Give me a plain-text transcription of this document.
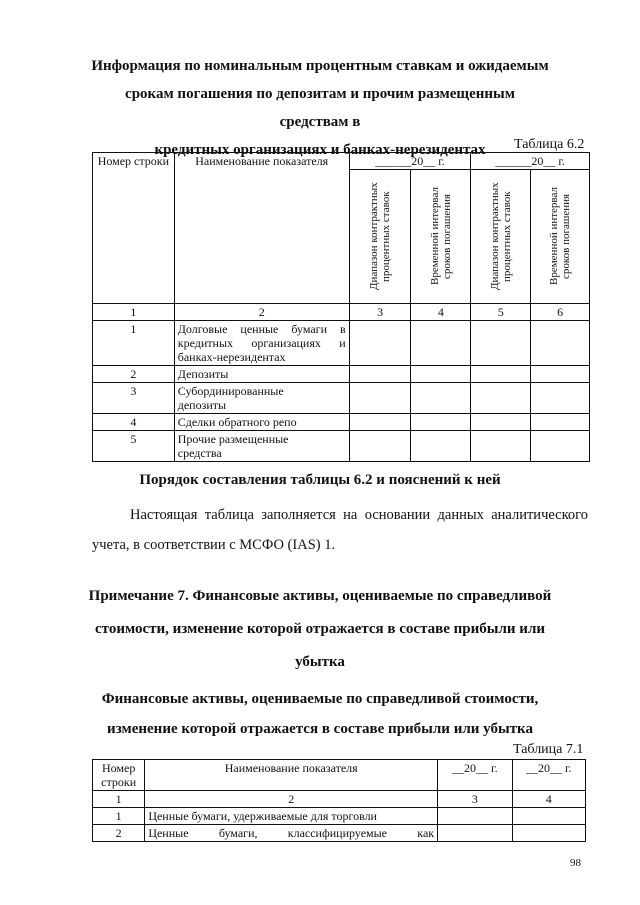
Информация по номинальным процентным ставкам и ожидаемым
срокам погашения по депозитам и прочим размещенным средствам в
кредитных организациях и банках-нерезидентах	Таблица 6.2
Номер строки	Наименование показателя	______20__ г.		______20__ г.	

		Диапазон контрактных процентных ставок	Временной интервал сроков погашения	Диапазон контрактных процентных ставок	Временной интервал сроков погашения

1	2	3	4	5	6
1	Долговые ценные бумаги в кредитных организациях и банках-нерезидентах				
2	Депозиты				
3	Субординированные депозиты				
4	Сделки обратного репо				
5	Прочие размещенные средства				
Порядок составления таблицы 6.2 и пояснений к ней
Настоящая таблица заполняется на основании данных аналитического
учета, в соответствии с МСФО (IAS) 1.
Примечание 7. Финансовые активы, оцениваемые по справедливой
стоимости, изменение которой отражается в составе прибыли или
убытка
Финансовые активы, оцениваемые по справедливой стоимости,
изменение которой отражается в составе прибыли или убытка
Таблица 7.1
Номер строки	Наименование показателя	__20__ г.	__20__ г.
1	2	3	4
1	Ценные бумаги, удерживаемые для торговли		
2	Ценные бумаги, классифицируемые как		
98
